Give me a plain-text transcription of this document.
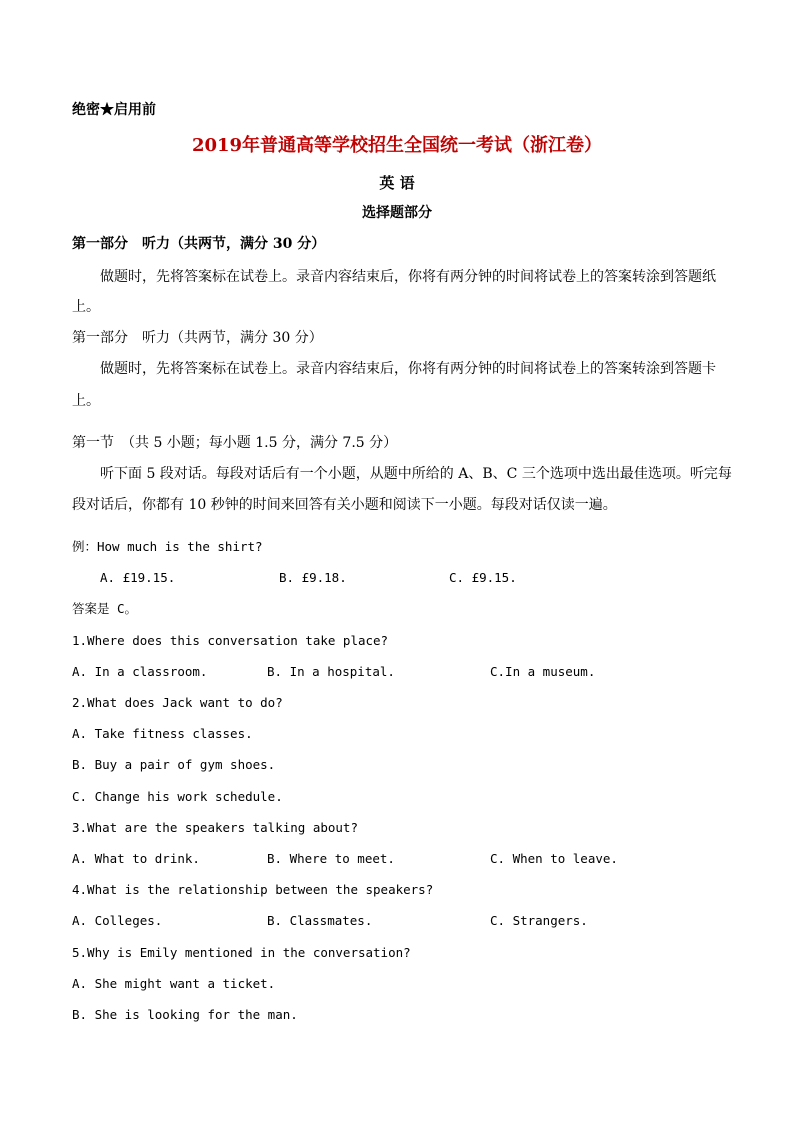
绝密★启用前
2019年普通高等学校招生全国统一考试（浙江卷）
英 语
选择题部分
第一部分　听力（共两节，满分 30 分）
做题时，先将答案标在试卷上。录音内容结束后，你将有两分钟的时间将试卷上的答案转涂到答题纸
上。
第一部分　听力（共两节，满分 30 分）
做题时，先将答案标在试卷上。录音内容结束后，你将有两分钟的时间将试卷上的答案转涂到答题卡
上。
第一节　（共 5 小题；每小题 1.5 分，满分 7.5 分）
听下面 5 段对话。每段对话后有一个小题，从题中所给的 A、B、C 三个选项中选出最佳选项。听完每
段对话后，你都有 10 秒钟的时间来回答有关小题和阅读下一小题。每段对话仅读一遍。
例：How much is the shirt?
A. £19.15.	B. £9.18.	C. £9.15.
答案是 C。
1.Where does this conversation take place?
A. In a classroom.	B. In a hospital.	C.In a museum.
2.What does Jack want to do?
A. Take fitness classes.
B. Buy a pair of gym shoes.
C. Change his work schedule.
3.What are the speakers talking about?
A. What to drink.	B. Where to meet.	C. When to leave.
4.What is the relationship between the speakers?
A. Colleges.	B. Classmates.	C. Strangers.
5.Why is Emily mentioned in the conversation?
A. She might want a ticket.
B. She is looking for the man.
